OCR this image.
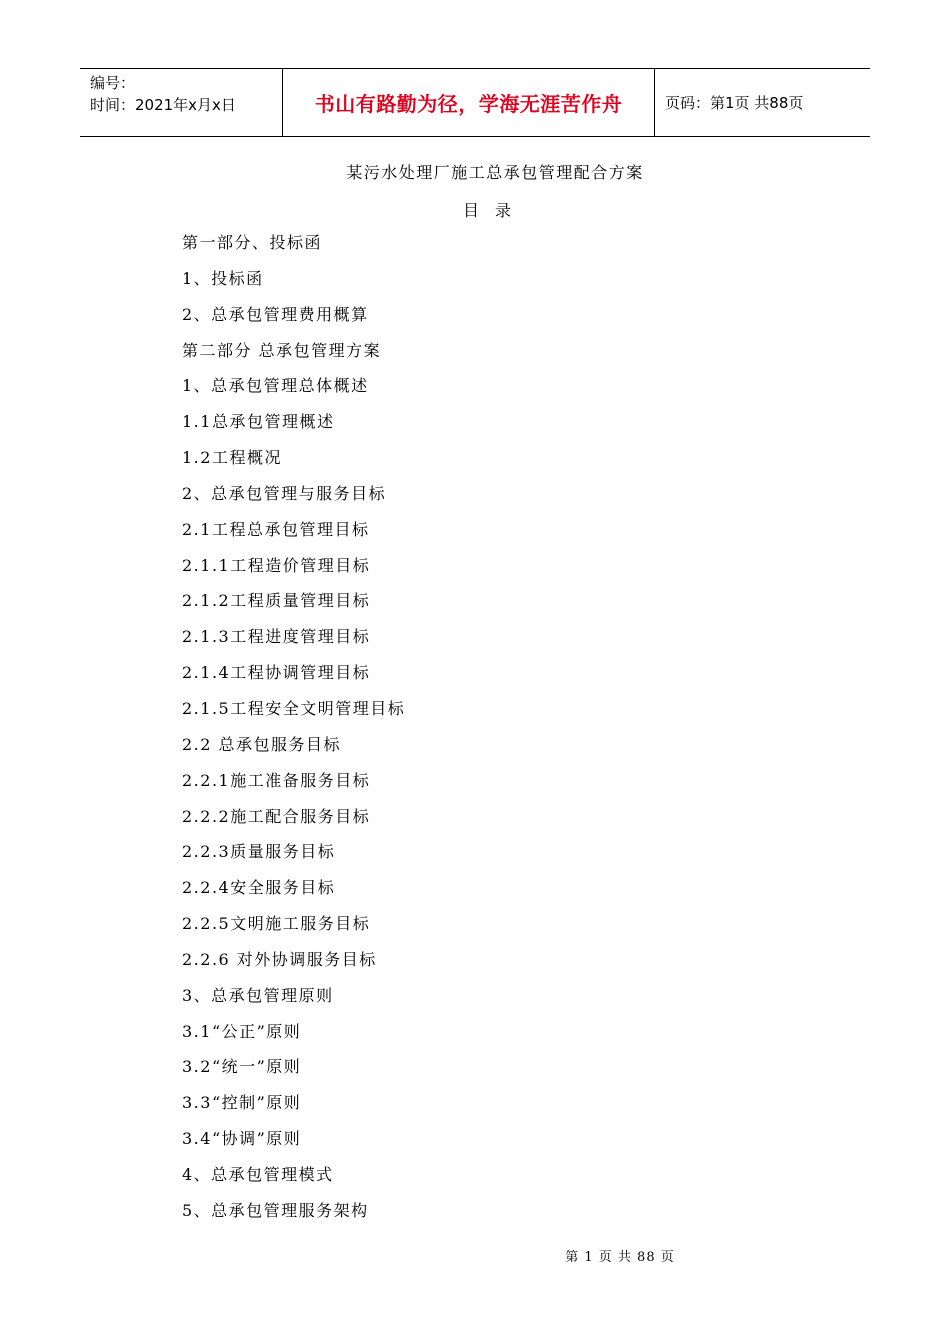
编号：
时间：2021年x月x日	书山有路勤为径，学海无涯苦作舟	页码：第1页 共88页
某污水处理厂施工总承包管理配合方案
目录
第一部分、投标函
1、投标函
2、总承包管理费用概算
第二部分 总承包管理方案
1、总承包管理总体概述
1.1总承包管理概述
1.2工程概况
2、总承包管理与服务目标
2.1工程总承包管理目标
2.1.1工程造价管理目标
2.1.2工程质量管理目标
2.1.3工程进度管理目标
2.1.4工程协调管理目标
2.1.5工程安全文明管理目标
2.2 总承包服务目标
2.2.1施工准备服务目标
2.2.2施工配合服务目标
2.2.3质量服务目标
2.2.4安全服务目标
2.2.5文明施工服务目标
2.2.6 对外协调服务目标
3、总承包管理原则
3.1“公正”原则
3.2“统一”原则
3.3“控制”原则
3.4“协调”原则
4、总承包管理模式
5、总承包管理服务架构
第 1 页 共 88 页
